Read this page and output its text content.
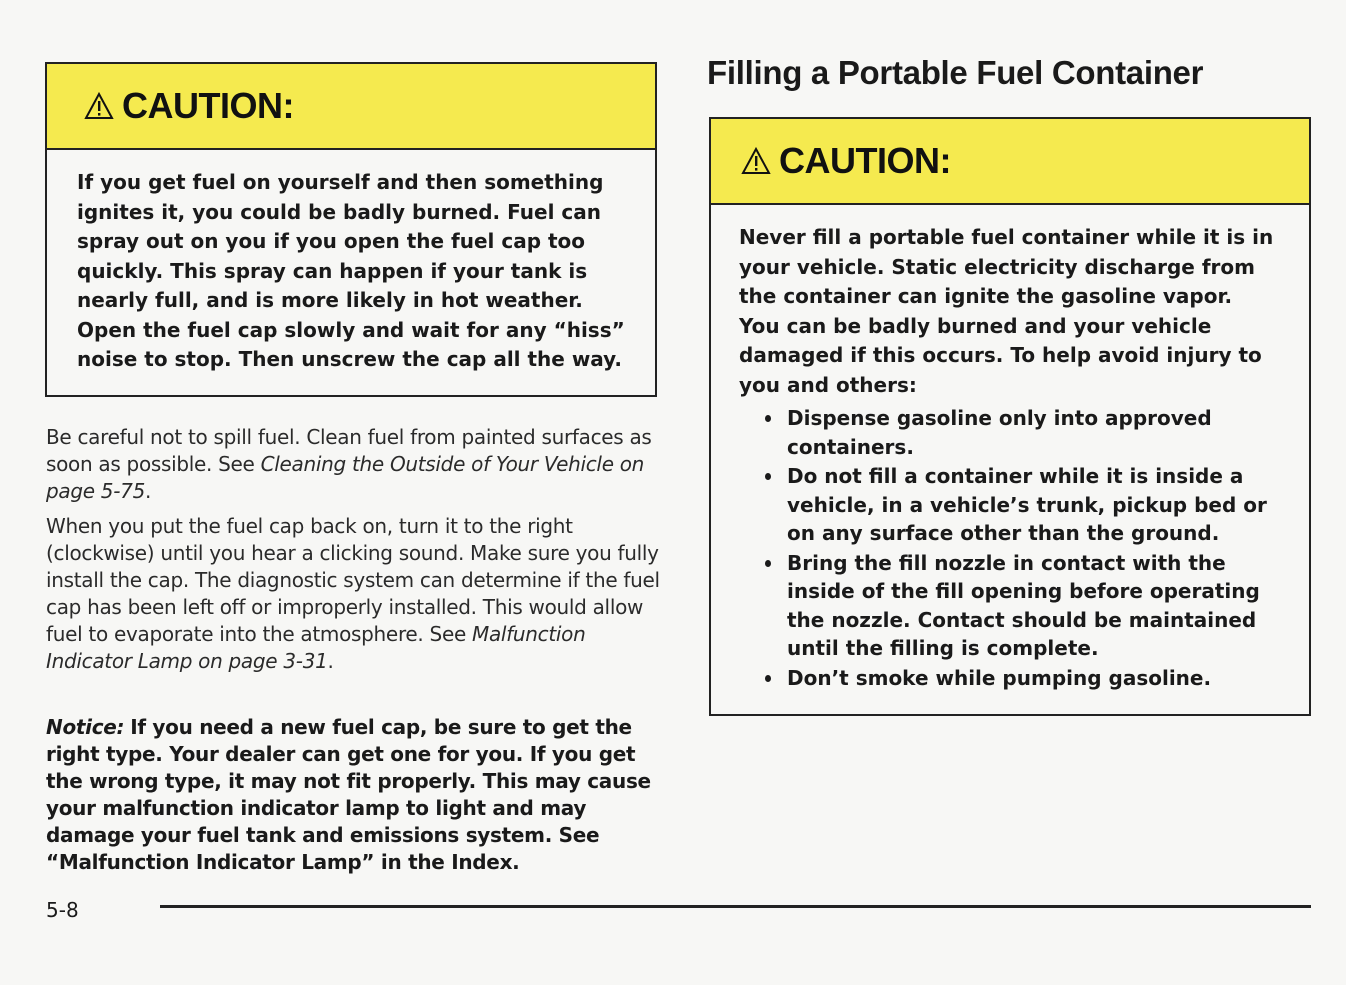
CAUTION:

If you get fuel on yourself and then something

ignites it, you could be badly burned. Fuel can

spray out on you if you open the fuel cap too

quickly. This spray can happen if your tank is

nearly full, and is more likely in hot weather.

Open the fuel cap slowly and wait for any “hiss”

noise to stop. Then unscrew the cap all the way.

Be careful not to spill fuel. Clean fuel from painted surfaces as soon as possible. See Cleaning the Outside of Your Vehicle on page 5-75.

When you put the fuel cap back on, turn it to the right (clockwise) until you hear a clicking sound. Make sure you fully install the cap. The diagnostic system can determine if the fuel cap has been left off or improperly installed. This would allow fuel to evaporate into the atmosphere. See Malfunction Indicator Lamp on page 3-31.

Notice: If you need a new fuel cap, be sure to get the right type. Your dealer can get one for you. If you get the wrong type, it may not fit properly. This may cause your malfunction indicator lamp to light and may damage your fuel tank and emissions system. See “Malfunction Indicator Lamp” in the Index.

Filling a Portable Fuel Container
CAUTION:

Never fill a portable fuel container while it is in

your vehicle. Static electricity discharge from

the container can ignite the gasoline vapor.

You can be badly burned and your vehicle

damaged if this occurs. To help avoid injury to

you and others:

Dispense gasoline only into approved containers.
Do not fill a container while it is inside a vehicle, in a vehicle’s trunk, pickup bed or on any surface other than the ground.
Bring the fill nozzle in contact with the inside of the fill opening before operating the nozzle. Contact should be maintained until the filling is complete.
Don’t smoke while pumping gasoline.
5-8
